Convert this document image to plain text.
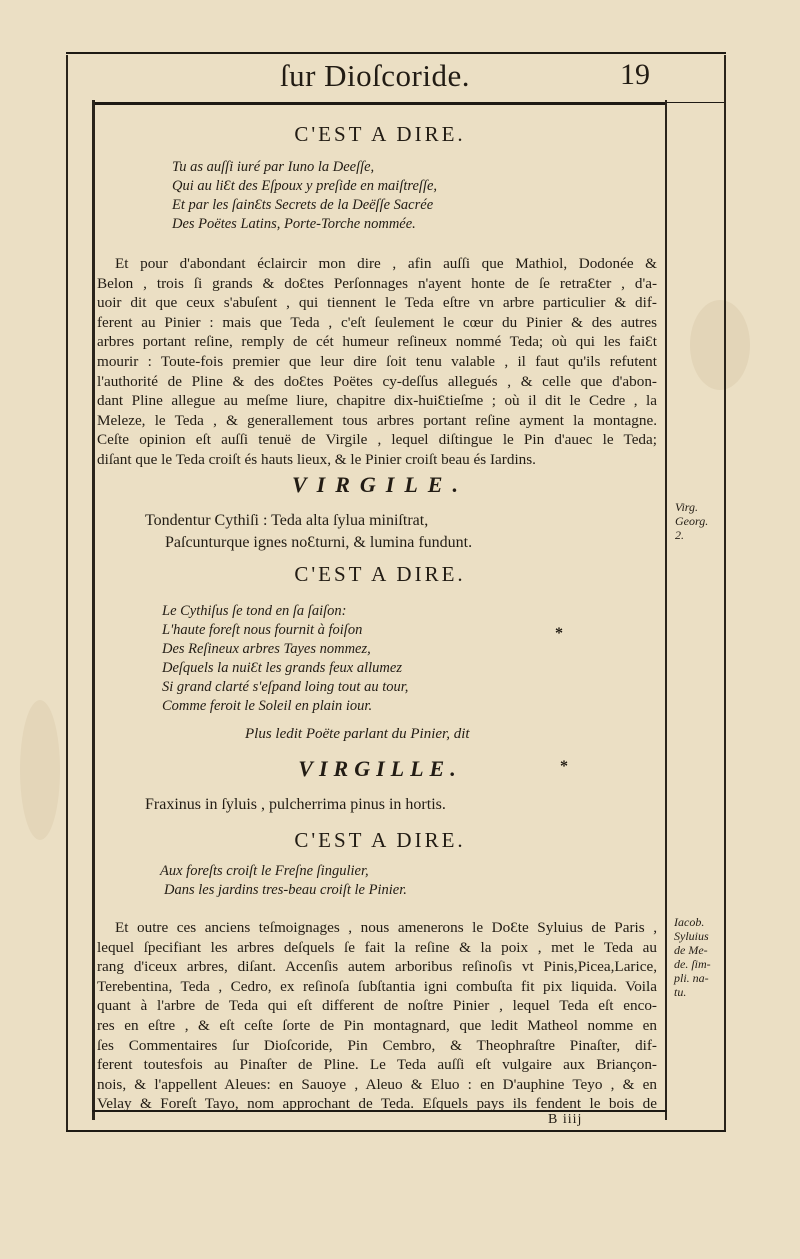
ſur Dioſcoride.	19
C'EST A DIRE.
Tu as auſſi iuré par Iuno la Deeſſe,
Qui au liƐt des Eſpoux y preſide en maiſtreſſe,
Et par les ſainƐts Secrets de la Deëſſe Sacrée
Des Poëtes Latins, Porte-Torche nommée.
Et pour d'abondant éclaircir mon dire , afin auſſi que Mathiol, Dodonée &
Belon , trois ſi grands & doƐtes Perſonnages n'ayent honte de ſe retraƐter , d'a-
uoir dit que ceux s'abuſent , qui tiennent le Teda eſtre vn arbre particulier & dif-
ferent au Pinier : mais que Teda , c'eſt ſeulement le cœur du Pinier & des autres
arbres portant reſine, remply de cét humeur reſineux nommé Teda; où qui les faiƐt
mourir : Toute-fois premier que leur dire ſoit tenu valable , il faut qu'ils refutent
l'authorité de Pline & des doƐtes Poëtes cy-deſſus allegués , & celle que d'abon-
dant Pline allegue au meſme liure, chapitre dix-huiƐtieſme ; où il dit le Cedre , la
Meleze, le Teda , & generallement tous arbres portant reſine ayment la montagne.
Ceſte opinion eſt auſſi tenuë de Virgile , lequel diſtingue le Pin d'auec le Teda;
diſant que le Teda croiſt és hauts lieux, & le Pinier croiſt beau és Iardins.
VIRGILE.
Tondentur Cythiſi : Teda alta ſylua miniſtrat,
Paſcunturque ignes noƐturni, & lumina fundunt.
Virg.
Georg.
2.
C'EST A DIRE.
Le Cythiſus ſe tond en ſa ſaiſon:
L'haute foreſt nous fournit à foiſon
Des Reſineux arbres Tayes nommez,
Deſquels la nuiƐt les grands feux allumez
Si grand clarté s'eſpand loing tout au tour,
Comme feroit le Soleil en plain iour.
*
Plus ledit Poëte parlant du Pinier, dit
VIRGILLE.	*
Fraxinus in ſyluis , pulcherrima pinus in hortis.
C'EST A DIRE.
Aux foreſts croiſt le Freſne ſingulier,
Dans les jardins tres-beau croiſt le Pinier.
Et outre ces anciens teſmoignages , nous amenerons le DoƐte Syluius de Paris ,
lequel ſpecifiant les arbres deſquels ſe fait la reſine & la poix , met le Teda au
rang d'iceux arbres, diſant. Accenſis autem arboribus reſinoſis vt Pinis,Picea,Larice,
Terebentina, Teda , Cedro, ex reſinoſa ſubſtantia igni combuſta fit pix liquida. Voila
quant à l'arbre de Teda qui eſt different de noſtre Pinier , lequel Teda eſt enco-
res en eſtre , & eſt ceſte ſorte de Pin montagnard, que ledit Matheol nomme en
ſes Commentaires ſur Dioſcoride, Pin Cembro, & Theophraſtre Pinaſter, dif-
ferent toutesfois au Pinaſter de Pline. Le Teda auſſi eſt vulgaire aux Briançon-
nois, & l'appellent Aleues: en Sauoye , Aleuo & Eluo : en D'auphine Teyo , & en
Velay & Foreſt Tayo, nom approchant de Teda. Eſquels pays ils fendent le bois de
Iacob.
Syluius
de Me-
de. ſim-
pli. na-
tu.
B iiij
